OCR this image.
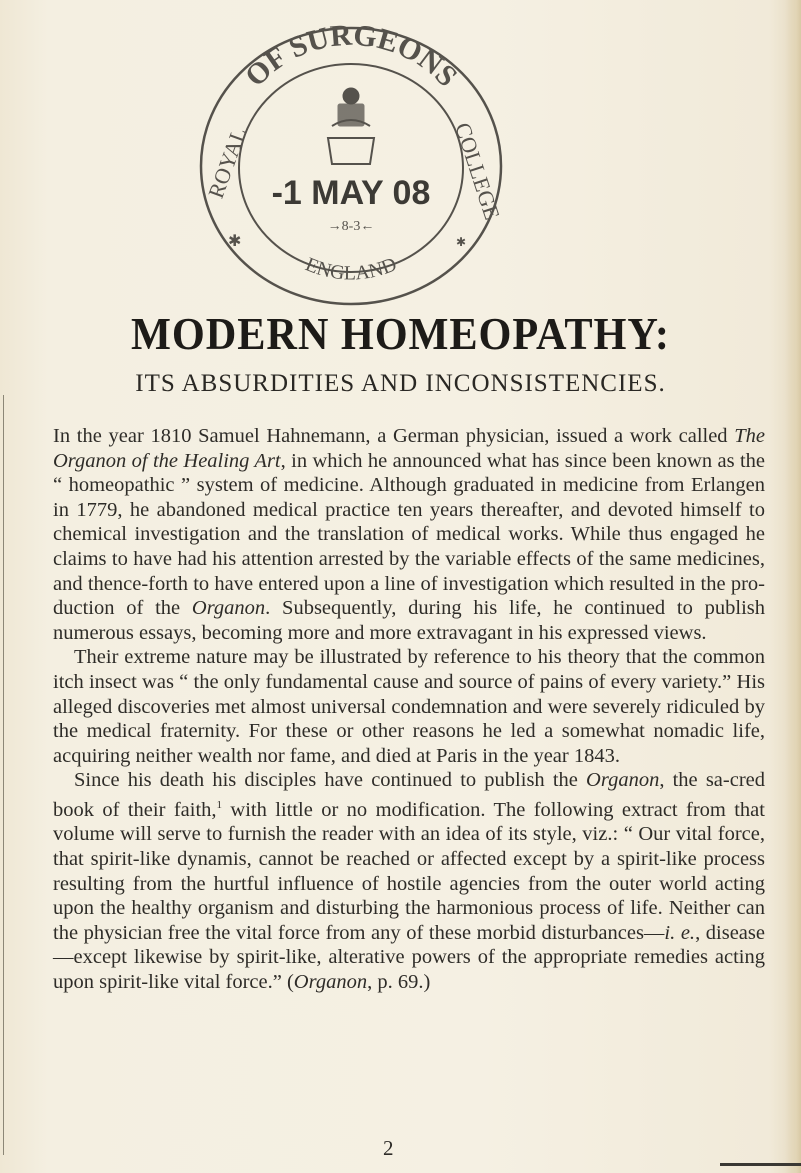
OF SURGEONS
ROYAL	COLLEGE
ENGLAND
-1 MAY 08
→8-3←
✱	✱
MODERN HOMEOPATHY:
ITS ABSURDITIES AND INCONSISTENCIES.

In the year 1810 Samuel Hahnemann, a German physician, issued a work called The Organon of the Healing Art, in which he announced what has since been known as the “ homeopathic ” system of medicine. Although graduated in medicine from Erlangen in 1779, he abandoned medical practice ten years thereafter, and devoted himself to chemical investigation and the translation of medical works. While thus engaged he claims to have had his attention arrested by the variable effects of the same medicines, and thence-forth to have entered upon a line of investigation which resulted in the pro-duction of the Organon. Subsequently, during his life, he continued to publish numerous essays, becoming more and more extravagant in his expressed views.

Their extreme nature may be illustrated by reference to his theory that the common itch insect was “ the only fundamental cause and source of pains of every variety.” His alleged discoveries met almost universal condemnation and were severely ridiculed by the medical fraternity. For these or other reasons he led a somewhat nomadic life, acquiring neither wealth nor fame, and died at Paris in the year 1843.

Since his death his disciples have continued to publish the Organon, the sa-cred book of their faith,$^1$ with little or no modification. The following extract from that volume will serve to furnish the reader with an idea of its style, viz.: “ Our vital force, that spirit-like dynamis, cannot be reached or affected except by a spirit-like process resulting from the hurtful influence of hostile agencies from the outer world acting upon the healthy organism and disturbing the harmonious process of life. Neither can the physician free the vital force from any of these morbid disturbances—i. e., disease—except likewise by spirit-like, alterative powers of the appropriate remedies acting upon spirit-like vital force.” (Organon, p. 69.)

2
